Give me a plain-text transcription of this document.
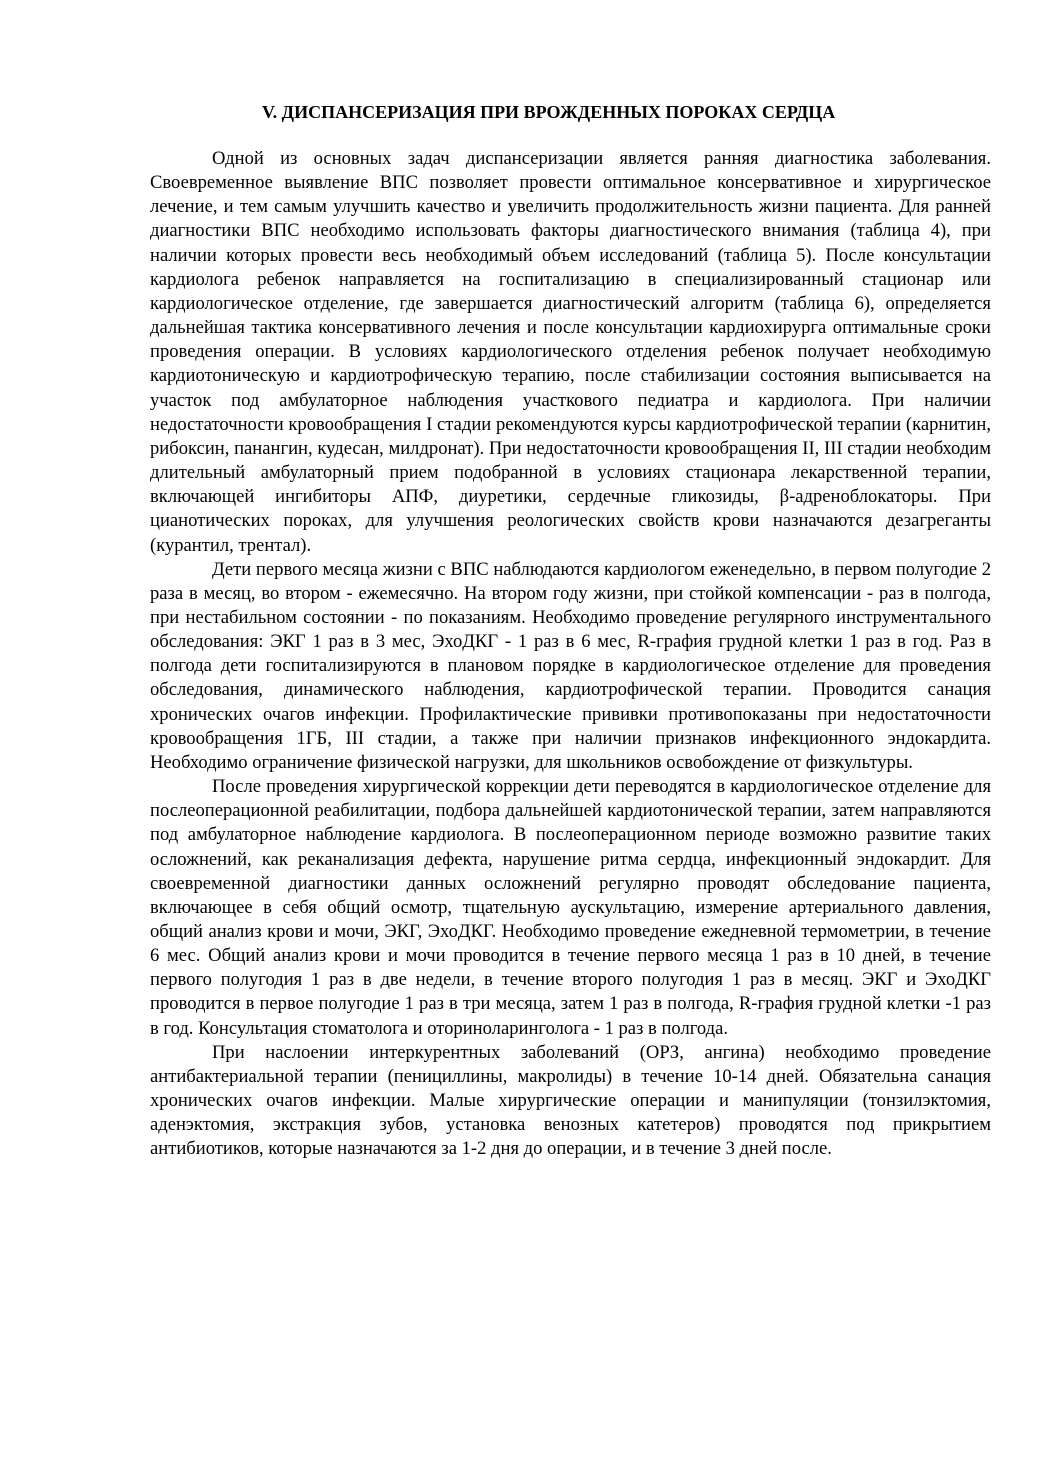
V. ДИСПАНСЕРИЗАЦИЯ ПРИ ВРОЖДЕННЫХ ПОРОКАХ СЕРДЦА

Одной из основных задач диспансеризации является ранняя диагностика заболевания. Своевременное выявление ВПС позволяет провести оптимальное консервативное и хирургическое лечение, и тем самым улучшить качество и увеличить продолжительность жизни пациента. Для ранней диагностики ВПС необходимо использовать факторы диагностического внимания (таблица 4), при наличии которых провести весь необходимый объем исследований (таблица 5). После консультации кардиолога ребенок направляется на госпитализацию в специализированный стационар или кардиологическое отделение, где завершается диагностический алгоритм (таблица 6), определяется дальнейшая тактика консервативного лечения и после консультации кардиохирурга оптимальные сроки проведения операции. В условиях кардиологического отделения ребенок получает необходимую кардиотоническую и кардиотрофическую терапию, после стабилизации состояния выписывается на участок под амбулаторное наблюдения участкового педиатра и кардиолога. При наличии недостаточности кровообращения I стадии рекомендуются курсы кардиотрофической терапии (карнитин, рибоксин, панангин, кудесан, милдронат). При недостаточности кровообращения II, III стадии необходим длительный амбулаторный прием подобранной в условиях стационара лекарственной терапии, включающей ингибиторы АПФ, диуретики, сердечные гликозиды, β-адреноблокаторы. При цианотических пороках, для улучшения реологических свойств крови назначаются дезагреганты (курантил, трентал).

Дети первого месяца жизни с ВПС наблюдаются кардиологом еженедельно, в первом полугодие 2 раза в месяц, во втором - ежемесячно. На втором году жизни, при стойкой компенсации - раз в полгода, при нестабильном состоянии - по показаниям. Необходимо проведение регулярного инструментального обследования: ЭКГ 1 раз в 3 мес, ЭхоДКГ - 1 раз в 6 мес, R-графия грудной клетки 1 раз в год. Раз в полгода дети госпитализируются в плановом порядке в кардиологическое отделение для проведения обследования, динамического наблюдения, кардиотрофической терапии. Проводится санация хронических очагов инфекции. Профилактические прививки противопоказаны при недостаточности кровообращения 1ГБ, III стадии, а также при наличии признаков инфекционного эндокардита. Необходимо ограничение физической нагрузки, для школьников освобождение от физкультуры.

После проведения хирургической коррекции дети переводятся в кардиологическое отделение для послеоперационной реабилитации, подбора дальнейшей кардиотонической терапии, затем направляются под амбулаторное наблюдение кардиолога. В послеоперационном периоде возможно развитие таких осложнений, как реканализация дефекта, нарушение ритма сердца, инфекционный эндокардит. Для своевременной диагностики данных осложнений регулярно проводят обследование пациента, включающее в себя общий осмотр, тщательную аускультацию, измерение артериального давления, общий анализ крови и мочи, ЭКГ, ЭхоДКГ. Необходимо проведение ежедневной термометрии, в течение 6 мес. Общий анализ крови и мочи проводится в течение первого месяца 1 раз в 10 дней, в течение первого полугодия 1 раз в две недели, в течение второго полугодия 1 раз в месяц. ЭКГ и ЭхоДКГ проводится в первое полугодие 1 раз в три месяца, затем 1 раз в полгода, R-графия грудной клетки -1 раз в год. Консультация стоматолога и оториноларинголога - 1 раз в полгода.

При наслоении интеркурентных заболеваний (ОРЗ, ангина) необходимо проведение антибактериальной терапии (пенициллины, макролиды) в течение 10-14 дней. Обязательна санация хронических очагов инфекции. Малые хирургические операции и манипуляции (тонзилэктомия, аденэктомия, экстракция зубов, установка венозных катетеров) проводятся под прикрытием антибиотиков, которые назначаются за 1-2 дня до операции, и в течение 3 дней после.
